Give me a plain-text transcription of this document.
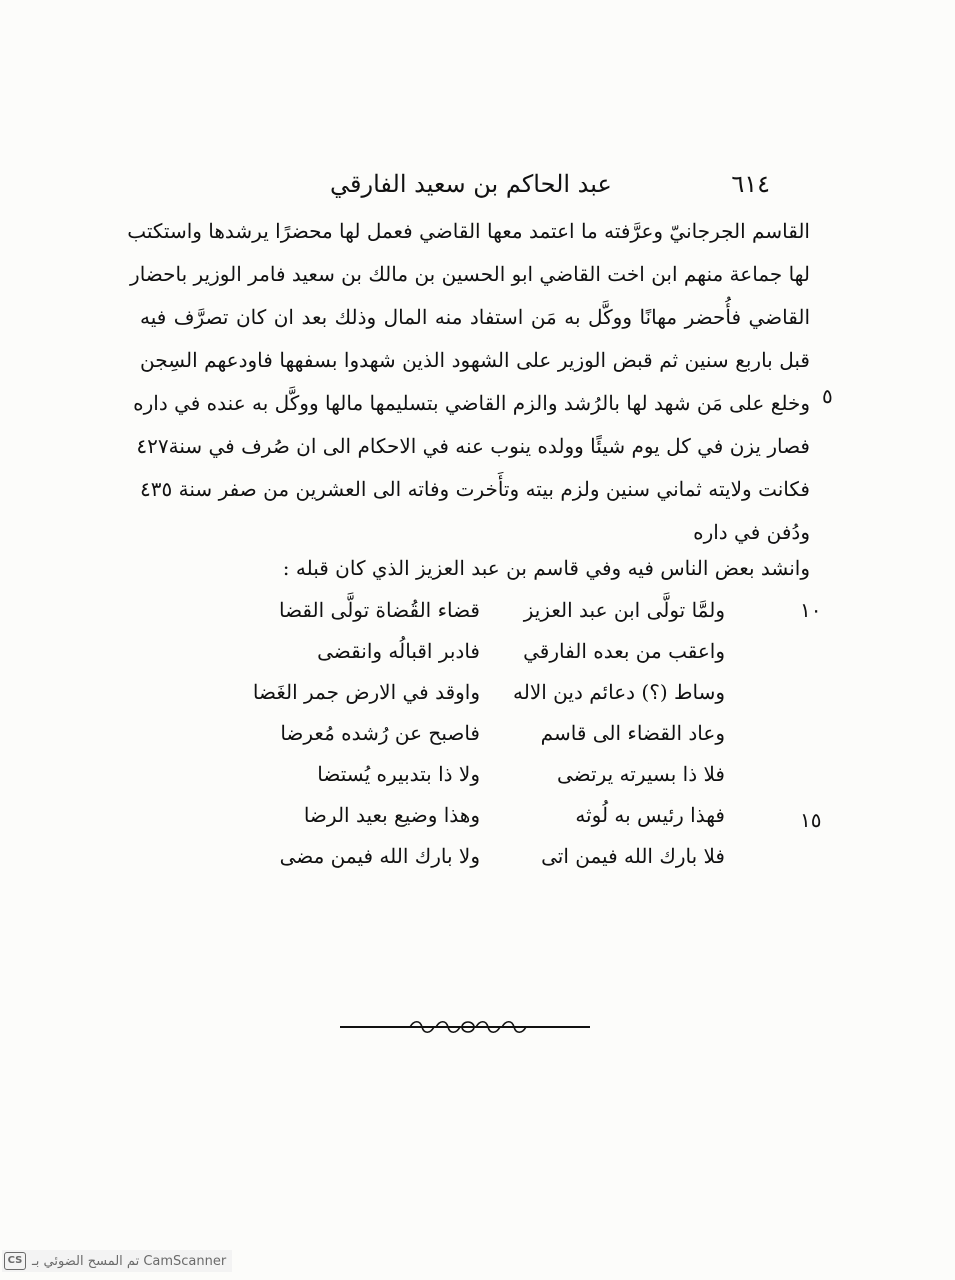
٦١٤
عبد الحاكم بن سعيد الفارقي
القاسم الجرجانيّ وعرَّفته ما اعتمد معها القاضي فعمل لها محضرًا يرشدها واستكتب
لها جماعة منهم ابن اخت القاضي ابو الحسين بن مالك بن سعيد فامر الوزير باحضار
القاضي فأُحضر مهانًا ووكَّل به مَن استفاد منه المال وذلك بعد ان كان تصرَّف فيه
قبل باربع سنين ثم قبض الوزير على الشهود الذين شهدوا بسفهها فاودعهم السِجن
وخلع على مَن شهد لها بالرُشد والزم القاضي بتسليمها مالها ووكَّل به عنده في داره
فصار يزن في كل يوم شيئًا وولده ينوب عنه في الاحكام الى ان صُرف في سنة٤٢٧
فكانت ولايته ثماني سنين ولزم بيته وتأَخرت وفاته الى العشرين من صفر سنة ٤٣٥
ودُفن في داره
٥
وانشد بعض الناس فيه وفي قاسم بن عبد العزيز الذي كان قبله :
١٠
١٥
ولمَّا تولَّى ابن عبد العزيز
قضاء القُضاة تولَّى القضا
واعقب من بعده الفارقي
فادبر اقبالُه وانقضى
وساط (؟) دعائم دين الاله
واوقد في الارض جمر الغَضا
وعاد القضاء الى قاسم
فاصبح عن رُشده مُعرضا
فلا ذا بسيرته يرتضى
ولا ذا بتدبيره يُستضا
فهذا رئيس به لُوثه
وهذا وضيع بعيد الرضا
فلا بارك الله فيمن اتى
ولا بارك الله فيمن مضى
CS تم المسح الضوئي بـ CamScanner
